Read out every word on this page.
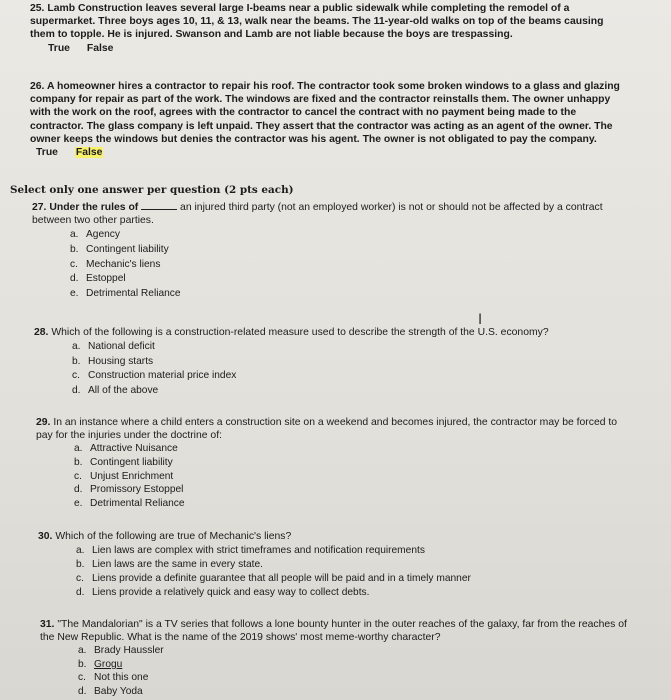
25. Lamb Construction leaves several large I-beams near a public sidewalk while completing the remodel of a supermarket. Three boys ages 10, 11, & 13, walk near the beams. The 11-year-old walks on top of the beams causing them to topple. He is injured. Swanson and Lamb are not liable because the boys are trespassing.
True False
26. A homeowner hires a contractor to repair his roof. The contractor took some broken windows to a glass and glazing company for repair as part of the work. The windows are fixed and the contractor reinstalls them. The owner unhappy with the work on the roof, agrees with the contractor to cancel the contract with no payment being made to the contractor. The glass company is left unpaid. They assert that the contractor was acting as an agent of the owner. The owner keeps the windows but denies the contractor was his agent. The owner is not obligated to pay the company. True False
Select only one answer per question (2 pts each)
27. Under the rules of	an injured third party (not an employed worker) is not or should not be affected by a contract between two other parties.
a. Agency
b. Contingent liability
c. Mechanic's liens
d. Estoppel
e. Detrimental Reliance
I
28. Which of the following is a construction-related measure used to describe the strength of the U.S. economy?
a. National deficit
b. Housing starts
c. Construction material price index
d. All of the above
29. In an instance where a child enters a construction site on a weekend and becomes injured, the contractor may be forced to pay for the injuries under the doctrine of:
a. Attractive Nuisance
b. Contingent liability
c. Unjust Enrichment
d. Promissory Estoppel
e. Detrimental Reliance
30. Which of the following are true of Mechanic's liens?
a. Lien laws are complex with strict timeframes and notification requirements
b. Lien laws are the same in every state.
c. Liens provide a definite guarantee that all people will be paid and in a timely manner
d. Liens provide a relatively quick and easy way to collect debts.
31. "The Mandalorian" is a TV series that follows a lone bounty hunter in the outer reaches of the galaxy, far from the reaches of the New Republic. What is the name of the 2019 shows' most meme-worthy character?
a. Brady Haussler
b. Grogu
c. Not this one
d. Baby Yoda
